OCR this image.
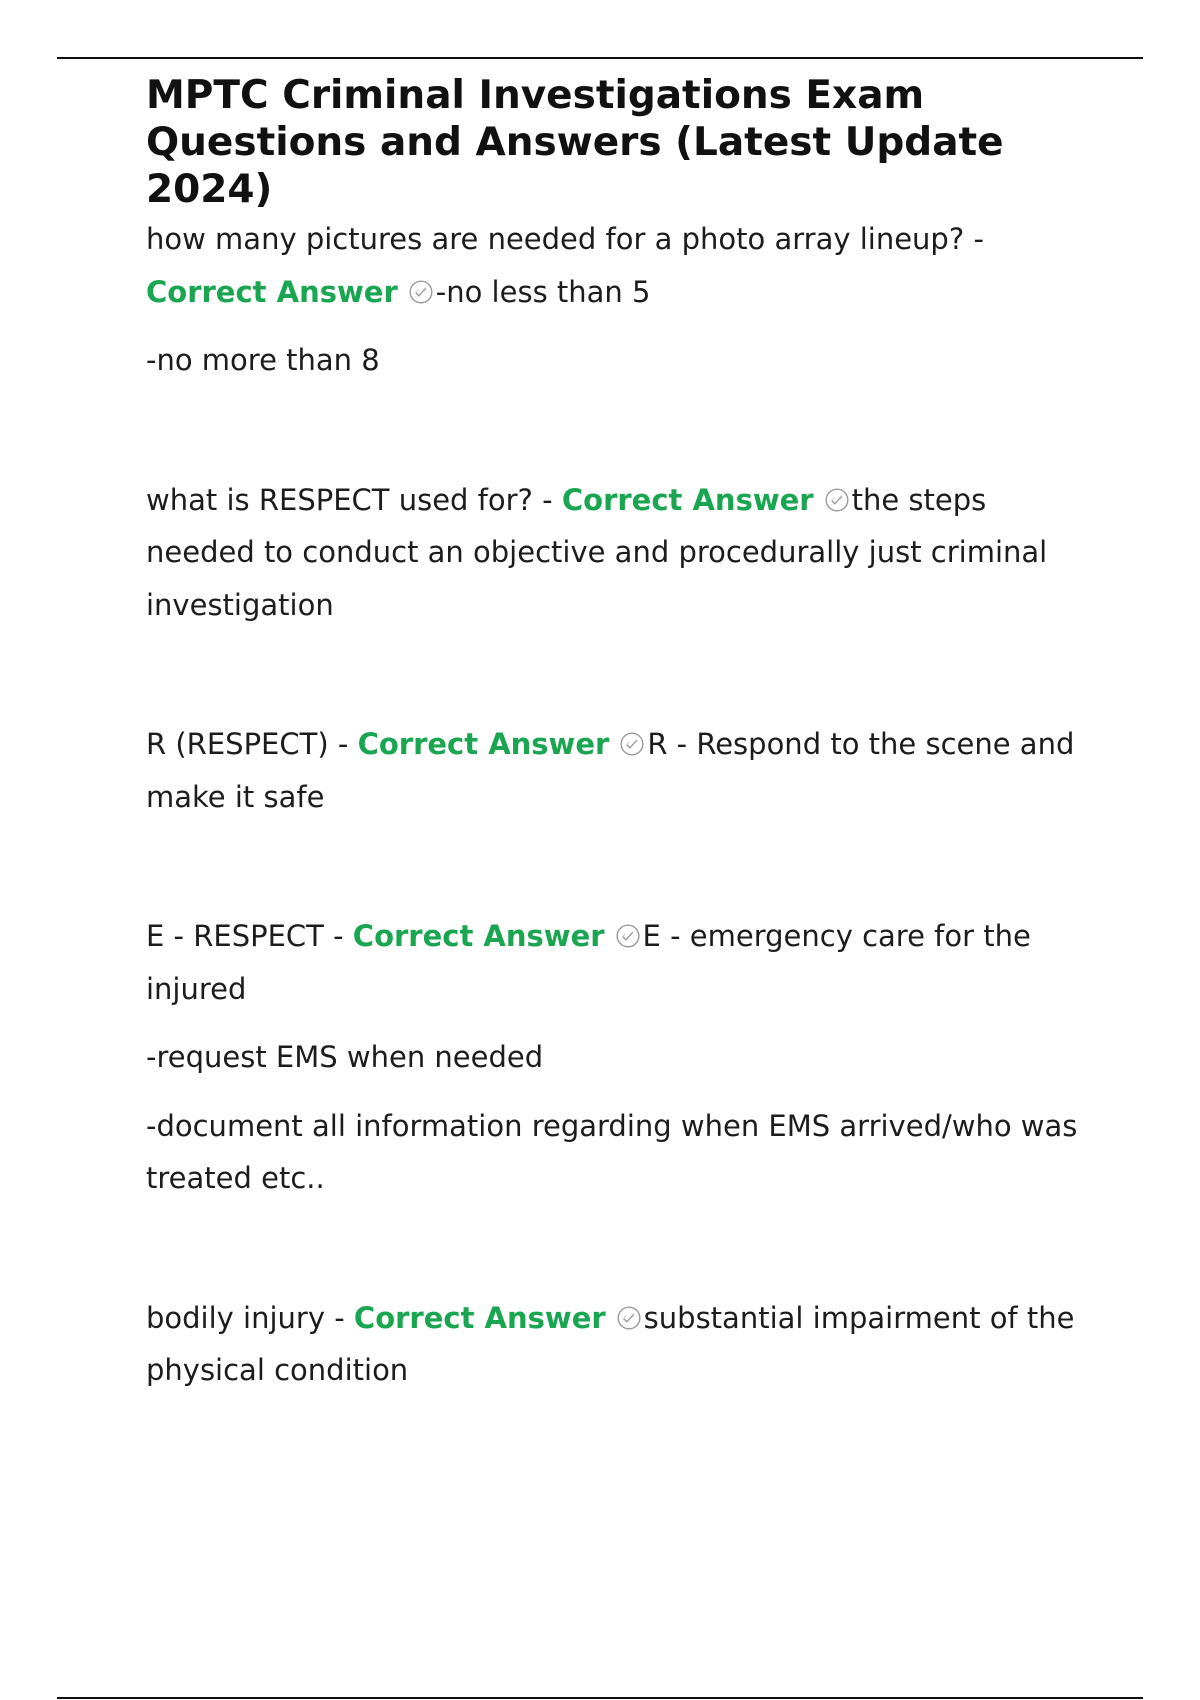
MPTC Criminal Investigations Exam Questions and Answers (Latest Update 2024)

how many pictures are needed for a photo array lineup? - Correct Answer -no less than 5

-no more than 8

what is RESPECT used for? - Correct Answer the steps needed to conduct an objective and procedurally just criminal investigation

R (RESPECT) - Correct Answer R - Respond to the scene and make it safe

E - RESPECT - Correct Answer E - emergency care for the injured

-request EMS when needed

-document all information regarding when EMS arrived/who was treated etc..

bodily injury - Correct Answer substantial impairment of the physical condition
